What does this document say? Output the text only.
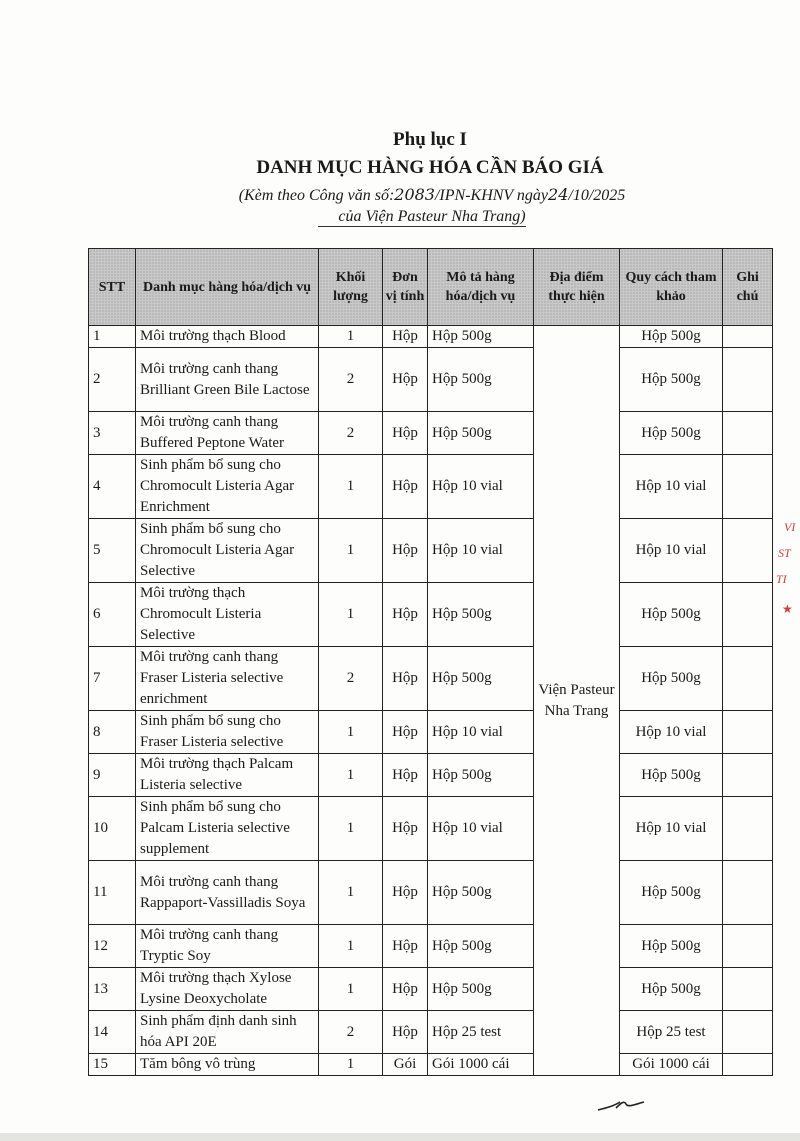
Phụ lục I
DANH MỤC HÀNG HÓA CẦN BÁO GIÁ
(Kèm theo Công văn số:2083/IPN-KHNV ngày24/10/2025
của Viện Pasteur Nha Trang)
STT	Danh mục hàng hóa/dịch vụ	Khối lượng	Đơn vị tính	Mô tả hàng hóa/dịch vụ	Địa điểm thực hiện	Quy cách tham khảo	Ghi chú
1	Môi trường thạch Blood	1	Hộp	Hộp 500g	Viện Pasteur Nha Trang	Hộp 500g	
2	Môi trường canh thang Brilliant Green Bile Lactose	2	Hộp	Hộp 500g		Hộp 500g	
3	Môi trường canh thang Buffered Peptone Water	2	Hộp	Hộp 500g		Hộp 500g	
4	Sinh phẩm bổ sung cho Chromocult Listeria Agar Enrichment	1	Hộp	Hộp 10 vial		Hộp 10 vial	
5	Sinh phẩm bổ sung cho Chromocult Listeria Agar Selective	1	Hộp	Hộp 10 vial		Hộp 10 vial	
6	Môi trường thạch Chromocult Listeria Selective	1	Hộp	Hộp 500g		Hộp 500g	
7	Môi trường canh thang Fraser Listeria selective enrichment	2	Hộp	Hộp 500g		Hộp 500g	
8	Sinh phẩm bổ sung cho Fraser Listeria selective	1	Hộp	Hộp 10 vial		Hộp 10 vial	
9	Môi trường thạch Palcam Listeria selective	1	Hộp	Hộp 500g		Hộp 500g	
10	Sinh phẩm bổ sung cho Palcam Listeria selective supplement	1	Hộp	Hộp 10 vial		Hộp 10 vial	
11	Môi trường canh thang Rappaport-Vassilladis Soya	1	Hộp	Hộp 500g		Hộp 500g	
12	Môi trường canh thang Tryptic Soy	1	Hộp	Hộp 500g		Hộp 500g	
13	Môi trường thạch Xylose Lysine Deoxycholate	1	Hộp	Hộp 500g		Hộp 500g	
14	Sinh phẩm định danh sinh hóa API 20E	2	Hộp	Hộp 25 test		Hộp 25 test	
15	Tăm bông vô trùng	1	Gói	Gói 1000 cái		Gói 1000 cái	
VI
ST
TI
★
